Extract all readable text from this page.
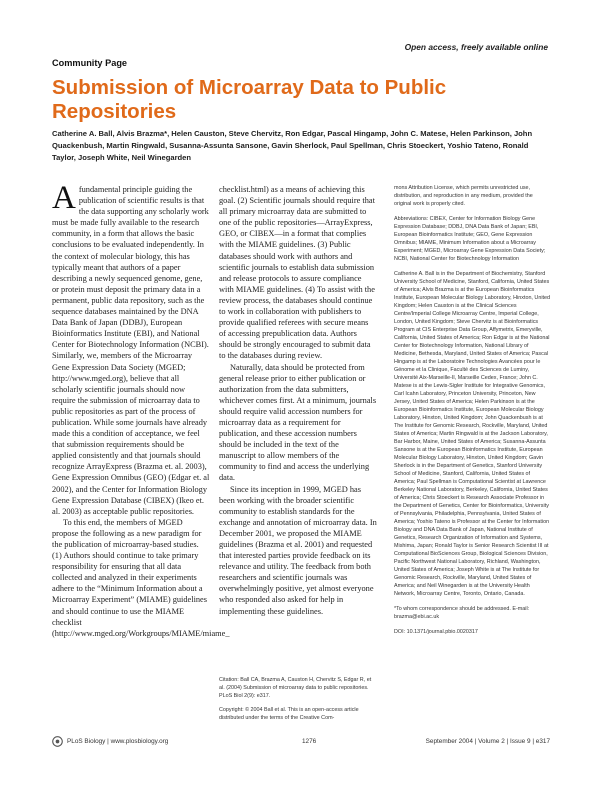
Open access, freely available online
Community Page
Submission of Microarray Data to Public Repositories
Catherine A. Ball, Alvis Brazma*, Helen Causton, Steve Chervitz, Ron Edgar, Pascal Hingamp, John C. Matese, Helen Parkinson, John Quackenbush, Martin Ringwald, Susanna-Assunta Sansone, Gavin Sherlock, Paul Spellman, Chris Stoeckert, Yoshio Tateno, Ronald Taylor, Joseph White, Neil Winegarden

A fundamental principle guiding the publication of scientific results is that the data supporting any scholarly work must be made fully available to the research community, in a form that allows the basic conclusions to be evaluated independently. In the context of molecular biology, this has typically meant that authors of a paper describing a newly sequenced genome, gene, or protein must deposit the primary data in a permanent, public data repository, such as the sequence databases maintained by the DNA Data Bank of Japan (DDBJ), European Bioinformatics Institute (EBI), and National Center for Biotechnology Information (NCBI). Similarly, we, members of the Microarray Gene Expression Data Society (MGED; http://www.mged.org), believe that all scholarly scientific journals should now require the submission of microarray data to public repositories as part of the process of publication. While some journals have already made this a condition of acceptance, we feel that submission requirements should be applied consistently and that journals should recognize ArrayExpress (Brazma et. al. 2003), Gene Expression Omnibus (GEO) (Edgar et. al 2002), and the Center for Information Biology Gene Expression Database (CIBEX) (Ikeo et. al. 2003) as acceptable public repositories.

To this end, the members of MGED propose the following as a new paradigm for the publication of microarray-based studies. (1) Authors should continue to take primary responsibility for ensuring that all data collected and analyzed in their experiments adhere to the “Minimum Information about a Microarray Experiment” (MIAME) guidelines and should continue to use the MIAME checklist (http://www.mged.org/Workgroups/MIAME/miame_

checklist.html) as a means of achieving this goal. (2) Scientific journals should require that all primary microarray data are submitted to one of the public repositories—ArrayExpress, GEO, or CIBEX—in a format that complies with the MIAME guidelines. (3) Public databases should work with authors and scientific journals to establish data submission and release protocols to assure compliance with MIAME guidelines. (4) To assist with the review process, the databases should continue to work in collaboration with publishers to provide qualified referees with secure means of accessing prepublication data. Authors should be strongly encouraged to submit data to the databases during review.

Naturally, data should be protected from general release prior to either publication or authorization from the data submitters, whichever comes first. At a minimum, journals should require valid accession numbers for microarray data as a requirement for publication, and these accession numbers should be included in the text of the manuscript to allow members of the community to find and access the underlying data.

Since its inception in 1999, MGED has been working with the broader scientific community to establish standards for the exchange and annotation of microarray data. In December 2001, we proposed the MIAME guidelines (Brazma et al. 2001) and requested that interested parties provide feedback on its relevance and utility. The feedback from both researchers and scientific journals was overwhelmingly positive, yet almost everyone who responded also asked for help in implementing these guidelines.

Citation: Ball CA, Brazma A, Causton H, Chervitz S, Edgar R, et al. (2004) Submission of microarray data to public repositories. PLoS Biol 2(9): e317.

Copyright: © 2004 Ball et al. This is an open-access article distributed under the terms of the Creative Com-

mons Attribution License, which permits unrestricted use, distribution, and reproduction in any medium, provided the original work is properly cited.

Abbreviations: CIBEX, Center for Information Biology Gene Expression Database; DDBJ, DNA Data Bank of Japan; EBI, European Bioinformatics Institute; GEO, Gene Expression Omnibus; MIAME, Minimum Information about a Microarray Experiment; MGED, Microarray Gene Expression Data Society; NCBI, National Center for Biotechnology Information

Catherine A. Ball is in the Department of Biochemistry, Stanford University School of Medicine, Stanford, California, United States of America; Alvis Brazma is at the European Bioinformatics Institute, European Molecular Biology Laboratory, Hinxton, United Kingdom; Helen Causton is at the Clinical Sciences Centre/Imperial College Microarray Centre, Imperial College, London, United Kingdom; Steve Chervitz is at Bioinformatics Program at CIS Enterprise Data Group, Affymetrix, Emeryville, California, United States of America; Ron Edgar is at the National Center for Biotechnology Information, National Library of Medicine, Bethesda, Maryland, United States of America; Pascal Hingamp is at the Laboratoire Technologies Avancées pour le Génome et la Clinique, Faculté des Sciences de Luminy, Université Aix-Marseille-II, Marseille Cedex, France; John C. Matese is at the Lewis-Sigler Institute for Integrative Genomics, Carl Icahn Laboratory, Princeton University, Princeton, New Jersey, United States of America; Helen Parkinson is at the European Bioinformatics Institute, European Molecular Biology Laboratory, Hinxton, United Kingdom; John Quackenbush is at The Institute for Genomic Research, Rockville, Maryland, United States of America; Martin Ringwald is at the Jackson Laboratory, Bar Harbor, Maine, United States of America; Susanna-Assunta Sansone is at the European Bioinformatics Institute, European Molecular Biology Laboratory, Hinxton, United Kingdom; Gavin Sherlock is in the Department of Genetics, Stanford University School of Medicine, Stanford, California, United States of America; Paul Spellman is Computational Scientist at Lawrence Berkeley National Laboratory, Berkeley, California, United States of America; Chris Stoeckert is Research Associate Professor in the Department of Genetics, Center for Bioinformatics, University of Pennsylvania, Philadelphia, Pennsylvania, United States of America; Yoshio Tateno is Professor at the Center for Information Biology and DNA Data Bank of Japan, National Institute of Genetics, Research Organization of Information and Systems, Mishima, Japan; Ronald Taylor is Senior Research Scientist III at Computational BioSciences Group, Biological Sciences Division, Pacific Northwest National Laboratory, Richland, Washington, United States of America; Joseph White is at The Institute for Genomic Research, Rockville, Maryland, United States of America; and Neil Winegarden is at the University Health Network, Microarray Centre, Toronto, Ontario, Canada.

*To whom correspondence should be addressed. E-mail: brazma@ebi.ac.uk

DOI: 10.1371/journal.pbio.0020317

PLoS Biology | www.plosbiology.org	1276	September 2004 | Volume 2 | Issue 9 | e317
